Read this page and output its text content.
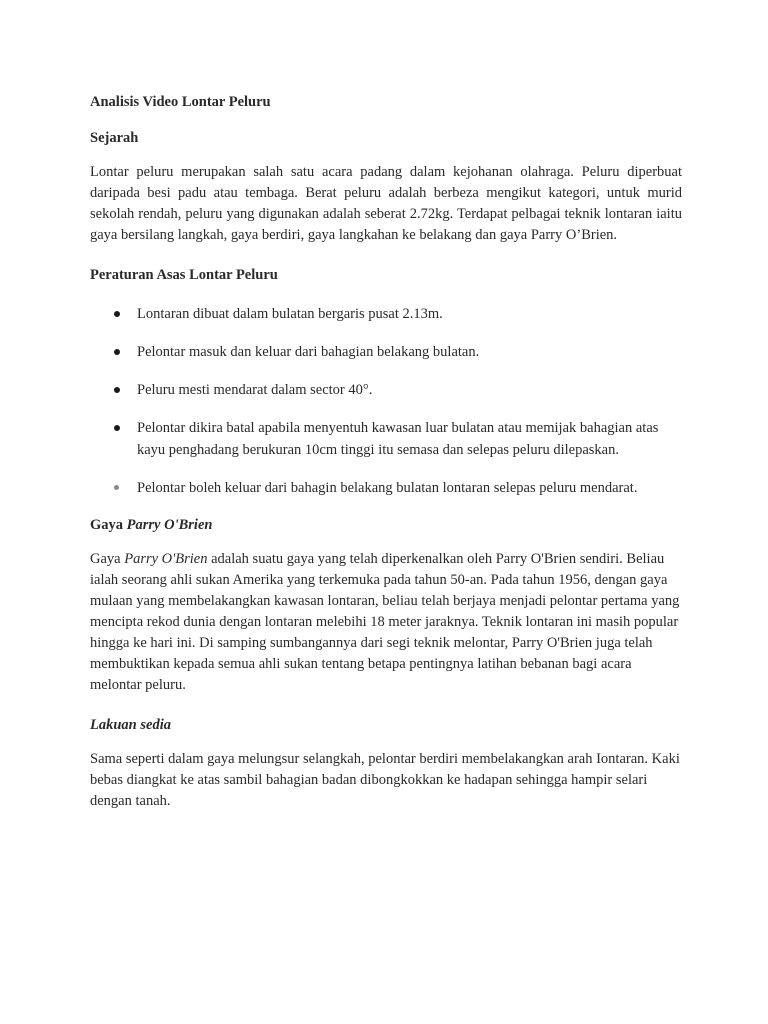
Analisis Video Lontar Peluru
Sejarah

Lontar peluru merupakan salah satu acara padang dalam kejohanan olahraga. Peluru diperbuat daripada besi padu atau tembaga. Berat peluru adalah berbeza mengikut kategori, untuk murid sekolah rendah, peluru yang digunakan adalah seberat 2.72kg. Terdapat pelbagai teknik lontaran iaitu gaya bersilang langkah, gaya berdiri, gaya langkahan ke belakang dan gaya Parry O’Brien.

Peraturan Asas Lontar Peluru
Lontaran dibuat dalam bulatan bergaris pusat 2.13m.
Pelontar masuk dan keluar dari bahagian belakang bulatan.
Peluru mesti mendarat dalam sector 40°.
Pelontar dikira batal apabila menyentuh kawasan luar bulatan atau memijak bahagian atas kayu penghadang berukuran 10cm tinggi itu semasa dan selepas peluru dilepaskan.
Pelontar boleh keluar dari bahagin belakang bulatan lontaran selepas peluru mendarat.
Gaya Parry O'Brien

Gaya Parry O'Brien adalah suatu gaya yang telah diperkenalkan oleh Parry O'Brien sendiri. Beliau ialah seorang ahli sukan Amerika yang terkemuka pada tahun 50-an. Pada tahun 1956, dengan gaya mulaan yang membelakangkan kawasan lontaran, beliau telah berjaya menjadi pelontar pertama yang mencipta rekod dunia dengan lontaran melebihi 18 meter jaraknya. Teknik lontaran ini masih popular hingga ke hari ini. Di samping sumbangannya dari segi teknik melontar, Parry O'Brien juga telah membuktikan kepada semua ahli sukan tentang betapa pentingnya latihan bebanan bagi acara melontar peluru.

Lakuan sedia

Sama seperti dalam gaya melungsur selangkah, pelontar berdiri membelakangkan arah Iontaran. Kaki bebas diangkat ke atas sambil bahagian badan dibongkokkan ke hadapan sehingga hampir selari dengan tanah.
